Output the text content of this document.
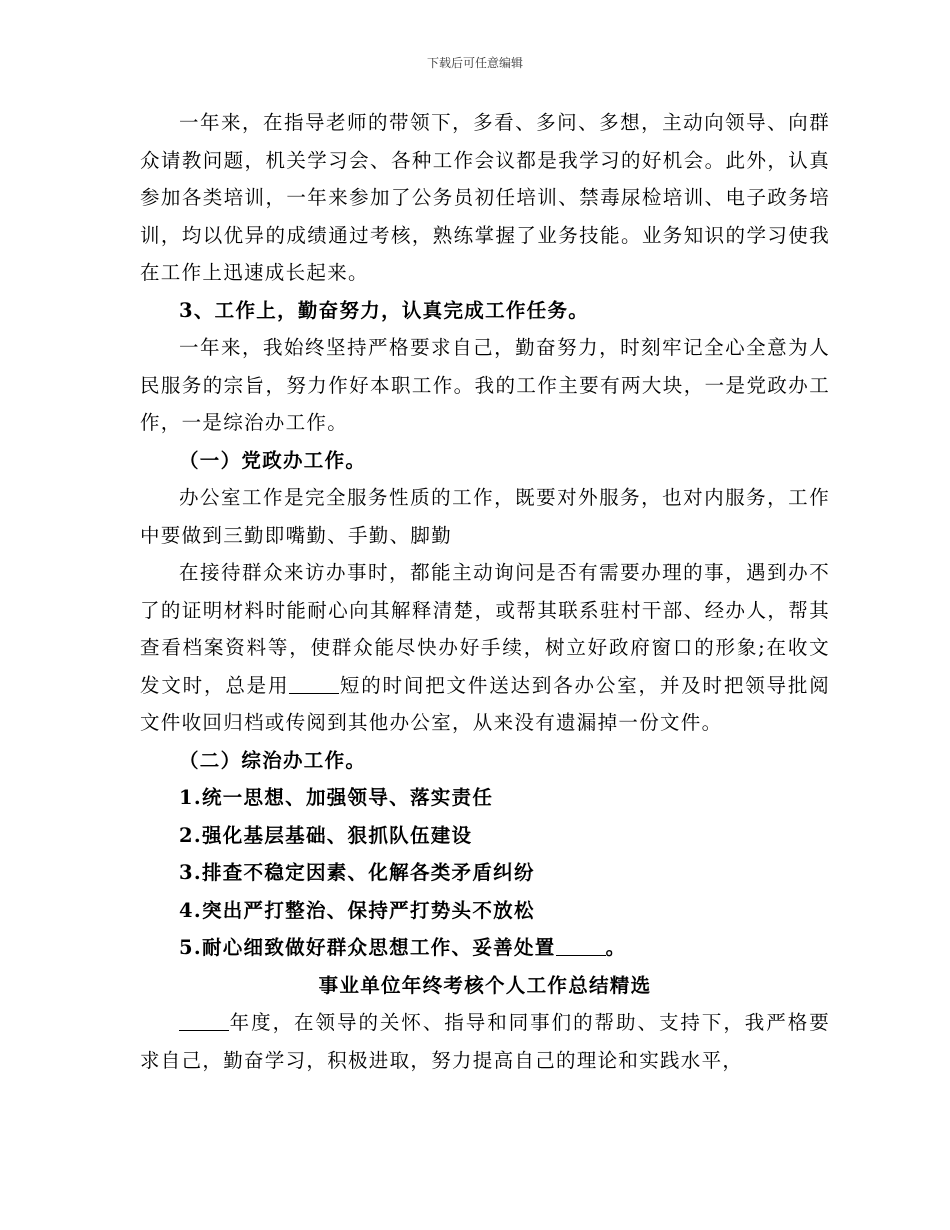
下载后可任意编辑

一年来，在指导老师的带领下，多看、多问、多想，主动向领导、向群众请教问题，机关学习会、各种工作会议都是我学习的好机会。此外，认真参加各类培训，一年来参加了公务员初任培训、禁毒尿检培训、电子政务培训，均以优异的成绩通过考核，熟练掌握了业务技能。业务知识的学习使我在工作上迅速成长起来。

3、工作上，勤奋努力，认真完成工作任务。

一年来，我始终坚持严格要求自己，勤奋努力，时刻牢记全心全意为人民服务的宗旨，努力作好本职工作。我的工作主要有两大块，一是党政办工作，一是综治办工作。

（一）党政办工作。

办公室工作是完全服务性质的工作，既要对外服务，也对内服务，工作中要做到三勤即嘴勤、手勤、脚勤

在接待群众来访办事时，都能主动询问是否有需要办理的事，遇到办不了的证明材料时能耐心向其解释清楚，或帮其联系驻村干部、经办人，帮其查看档案资料等，使群众能尽快办好手续，树立好政府窗口的形象;在收文发文时，总是用	短的时间把文件送达到各办公室，并及时把领导批阅文件收回归档或传阅到其他办公室，从来没有遗漏掉一份文件。

（二）综治办工作。

1.统一思想、加强领导、落实责任

2.强化基层基础、狠抓队伍建设

3.排查不稳定因素、化解各类矛盾纠纷

4.突出严打整治、保持严打势头不放松

5.耐心细致做好群众思想工作、妥善处置	。

事业单位年终考核个人工作总结精选

年度，在领导的关怀、指导和同事们的帮助、支持下，我严格要求自己，勤奋学习，积极进取，努力提高自己的理论和实践水平，
